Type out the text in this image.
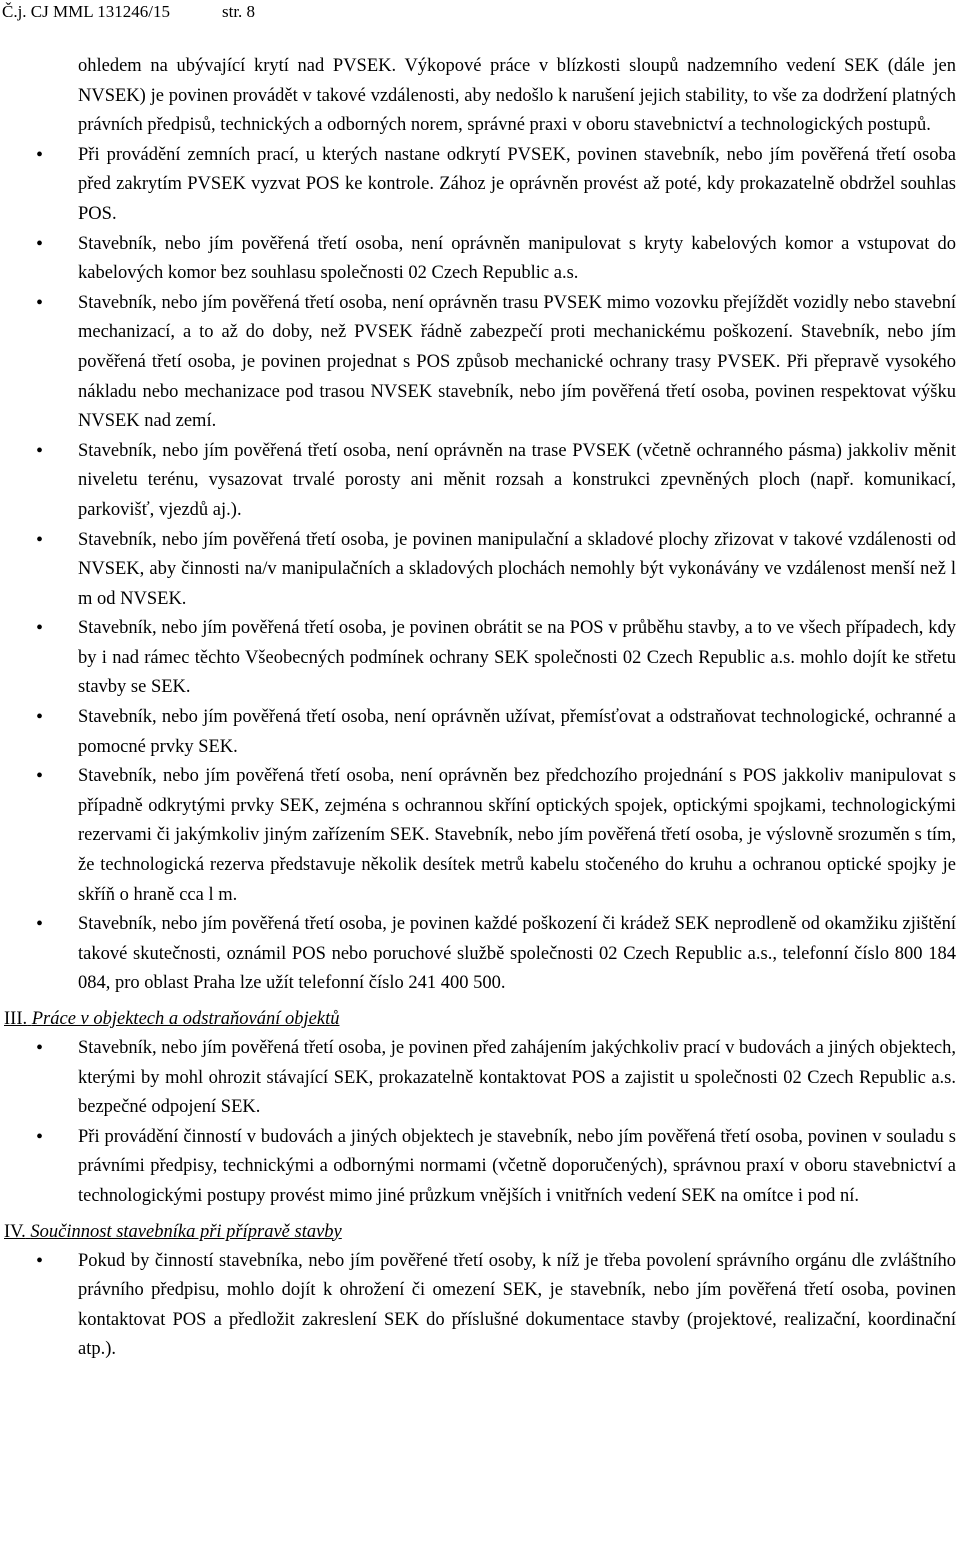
Č.j. CJ MML 131246/15	str. 8

ohledem na ubývající krytí nad PVSEK. Výkopové práce v blízkosti sloupů nadzemního vedení SEK (dále jen NVSEK) je povinen provádět v takové vzdálenosti, aby nedošlo k narušení jejich stability, to vše za dodržení platných právních předpisů, technických a odborných norem, správné praxi v oboru stavebnictví a technologických postupů.

• Při provádění zemních prací, u kterých nastane odkrytí PVSEK, povinen stavebník, nebo jím pověřená třetí osoba před zakrytím PVSEK vyzvat POS ke kontrole. Zához je oprávněn provést až poté, kdy prokazatelně obdržel souhlas POS.
• Stavebník, nebo jím pověřená třetí osoba, není oprávněn manipulovat s kryty kabelových komor a vstupovat do kabelových komor bez souhlasu společnosti 02 Czech Republic a.s.
• Stavebník, nebo jím pověřená třetí osoba, není oprávněn trasu PVSEK mimo vozovku přejíždět vozidly nebo stavební mechanizací, a to až do doby, než PVSEK řádně zabezpečí proti mechanickému poškození. Stavebník, nebo jím pověřená třetí osoba, je povinen projednat s POS způsob mechanické ochrany trasy PVSEK. Při přepravě vysokého nákladu nebo mechanizace pod trasou NVSEK stavebník, nebo jím pověřená třetí osoba, povinen respektovat výšku NVSEK nad zemí.
• Stavebník, nebo jím pověřená třetí osoba, není oprávněn na trase PVSEK (včetně ochranného pásma) jakkoliv měnit niveletu terénu, vysazovat trvalé porosty ani měnit rozsah a konstrukci zpevněných ploch (např. komunikací, parkovišť, vjezdů aj.).
• Stavebník, nebo jím pověřená třetí osoba, je povinen manipulační a skladové plochy zřizovat v takové vzdálenosti od NVSEK, aby činnosti na/v manipulačních a skladových plochách nemohly být vykonávány ve vzdálenost menší než l m od NVSEK.
• Stavebník, nebo jím pověřená třetí osoba, je povinen obrátit se na POS v průběhu stavby, a to ve všech případech, kdy by i nad rámec těchto Všeobecných podmínek ochrany SEK společnosti 02 Czech Republic a.s. mohlo dojít ke střetu stavby se SEK.
• Stavebník, nebo jím pověřená třetí osoba, není oprávněn užívat, přemísťovat a odstraňovat technologické, ochranné a pomocné prvky SEK.
• Stavebník, nebo jím pověřená třetí osoba, není oprávněn bez předchozího projednání s POS jakkoliv manipulovat s případně odkrytými prvky SEK, zejména s ochrannou skříní optických spojek, optickými spojkami, technologickými rezervami či jakýmkoliv jiným zařízením SEK. Stavebník, nebo jím pověřená třetí osoba, je výslovně srozuměn s tím, že technologická rezerva představuje několik desítek metrů kabelu stočeného do kruhu a ochranou optické spojky je skříň o hraně cca l m.
• Stavebník, nebo jím pověřená třetí osoba, je povinen každé poškození či krádež SEK neprodleně od okamžiku zjištění takové skutečnosti, oznámil POS nebo poruchové službě společnosti 02 Czech Republic a.s., telefonní číslo 800 184 084, pro oblast Praha lze užít telefonní číslo 241 400 500.
III. Práce v objektech a odstraňování objektů
• Stavebník, nebo jím pověřená třetí osoba, je povinen před zahájením jakýchkoliv prací v budovách a jiných objektech, kterými by mohl ohrozit stávající SEK, prokazatelně kontaktovat POS a zajistit u společnosti 02 Czech Republic a.s. bezpečné odpojení SEK.
• Při provádění činností v budovách a jiných objektech je stavebník, nebo jím pověřená třetí osoba, povinen v souladu s právními předpisy, technickými a odbornými normami (včetně doporučených), správnou praxí v oboru stavebnictví a technologickými postupy provést mimo jiné průzkum vnějších i vnitřních vedení SEK na omítce i pod ní.
IV. Součinnost stavebníka při přípravě stavby
• Pokud by činností stavebníka, nebo jím pověřené třetí osoby, k níž je třeba povolení správního orgánu dle zvláštního právního předpisu, mohlo dojít k ohrožení či omezení SEK, je stavebník, nebo jím pověřená třetí osoba, povinen kontaktovat POS a předložit zakreslení SEK do příslušné dokumentace stavby (projektové, realizační, koordinační atp.).
